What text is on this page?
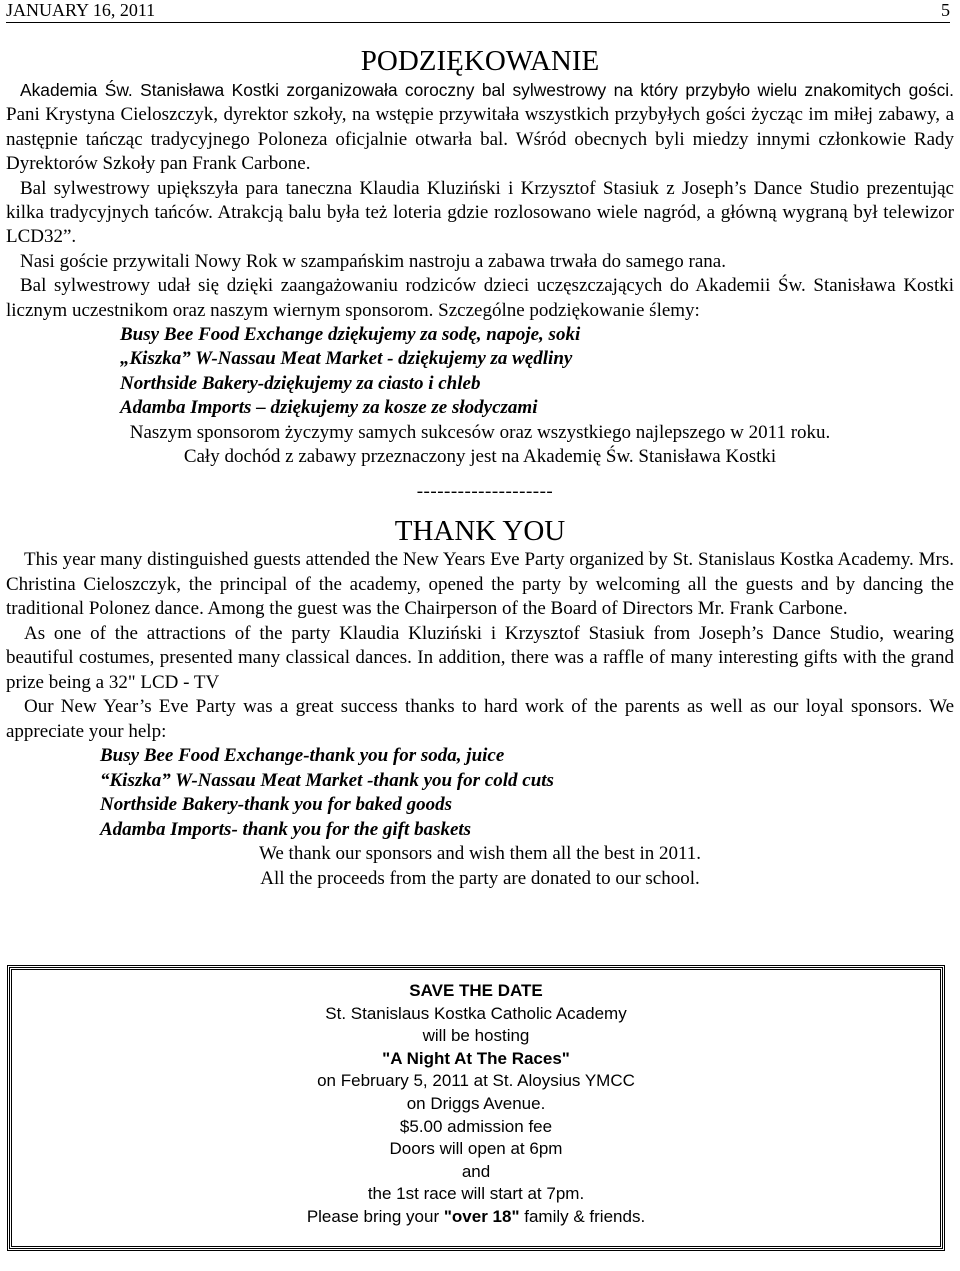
JANUARY 16, 2011	5
PODZIĘKOWANIE

Akademia Św. Stanisława Kostki zorganizowała coroczny bal sylwestrowy na który przybyło wielu znakomitych gości. Pani Krystyna Cieloszczyk, dyrektor szkoły, na wstępie przywitała wszystkich przybyłych gości życząc im miłej zabawy, a następnie tańcząc tradycyjnego Poloneza oficjalnie otwarła bal. Wśród obecnych byli miedzy innymi członkowie Rady Dyrektorów Szkoły pan Frank Carbone.

Bal sylwestrowy upiększyła para taneczna Klaudia Kluziński i Krzysztof Stasiuk z Joseph’s Dance Studio prezentując kilka tradycyjnych tańców. Atrakcją balu była też loteria gdzie rozlosowano wiele nagród, a główną wygraną był telewizor LCD32”.

Nasi goście przywitali Nowy Rok w szampańskim nastroju a zabawa trwała do samego rana.

Bal sylwestrowy udał się dzięki zaangażowaniu rodziców dzieci uczęszczających do Akademii Św. Stanisława Kostki licznym uczestnikom oraz naszym wiernym sponsorom. Szczególne podziękowanie ślemy:

Busy Bee Food Exchange dziękujemy za sodę, napoje, soki

„Kiszka” W-Nassau Meat Market - dziękujemy za wędliny

Northside Bakery-dziękujemy za ciasto i chleb

Adamba Imports – dziękujemy za kosze ze słodyczami

Naszym sponsorom życzymy samych sukcesów oraz wszystkiego najlepszego w 2011 roku.

Cały dochód z zabawy przeznaczony jest na Akademię Św. Stanisława Kostki

--------------------

THANK YOU

This year many distinguished guests attended the New Years Eve Party organized by St. Stanislaus Kostka Academy. Mrs. Christina Cieloszczyk, the principal of the academy, opened the party by welcoming all the guests and by dancing the traditional Polonez dance. Among the guest was the Chairperson of the Board of Directors Mr. Frank Carbone.

As one of the attractions of the party Klaudia Kluziński i Krzysztof Stasiuk from Joseph’s Dance Studio, wearing beautiful costumes, presented many classical dances. In addition, there was a raffle of many interesting gifts with the grand prize being a 32" LCD - TV

Our New Year’s Eve Party was a great success thanks to hard work of the parents as well as our loyal sponsors. We appreciate your help:

Busy Bee Food Exchange-thank you for soda, juice

“Kiszka” W-Nassau Meat Market -thank you for cold cuts

Northside Bakery-thank you for baked goods

Adamba Imports- thank you for the gift baskets

We thank our sponsors and wish them all the best in 2011.

All the proceeds from the party are donated to our school.

SAVE THE DATE
St. Stanislaus Kostka Catholic Academy
will be hosting
"A Night At The Races"
on February 5, 2011 at St. Aloysius YMCC
on Driggs Avenue.
$5.00 admission fee
Doors will open at 6pm
and
the 1st race will start at 7pm.
Please bring your "over 18" family & friends.
